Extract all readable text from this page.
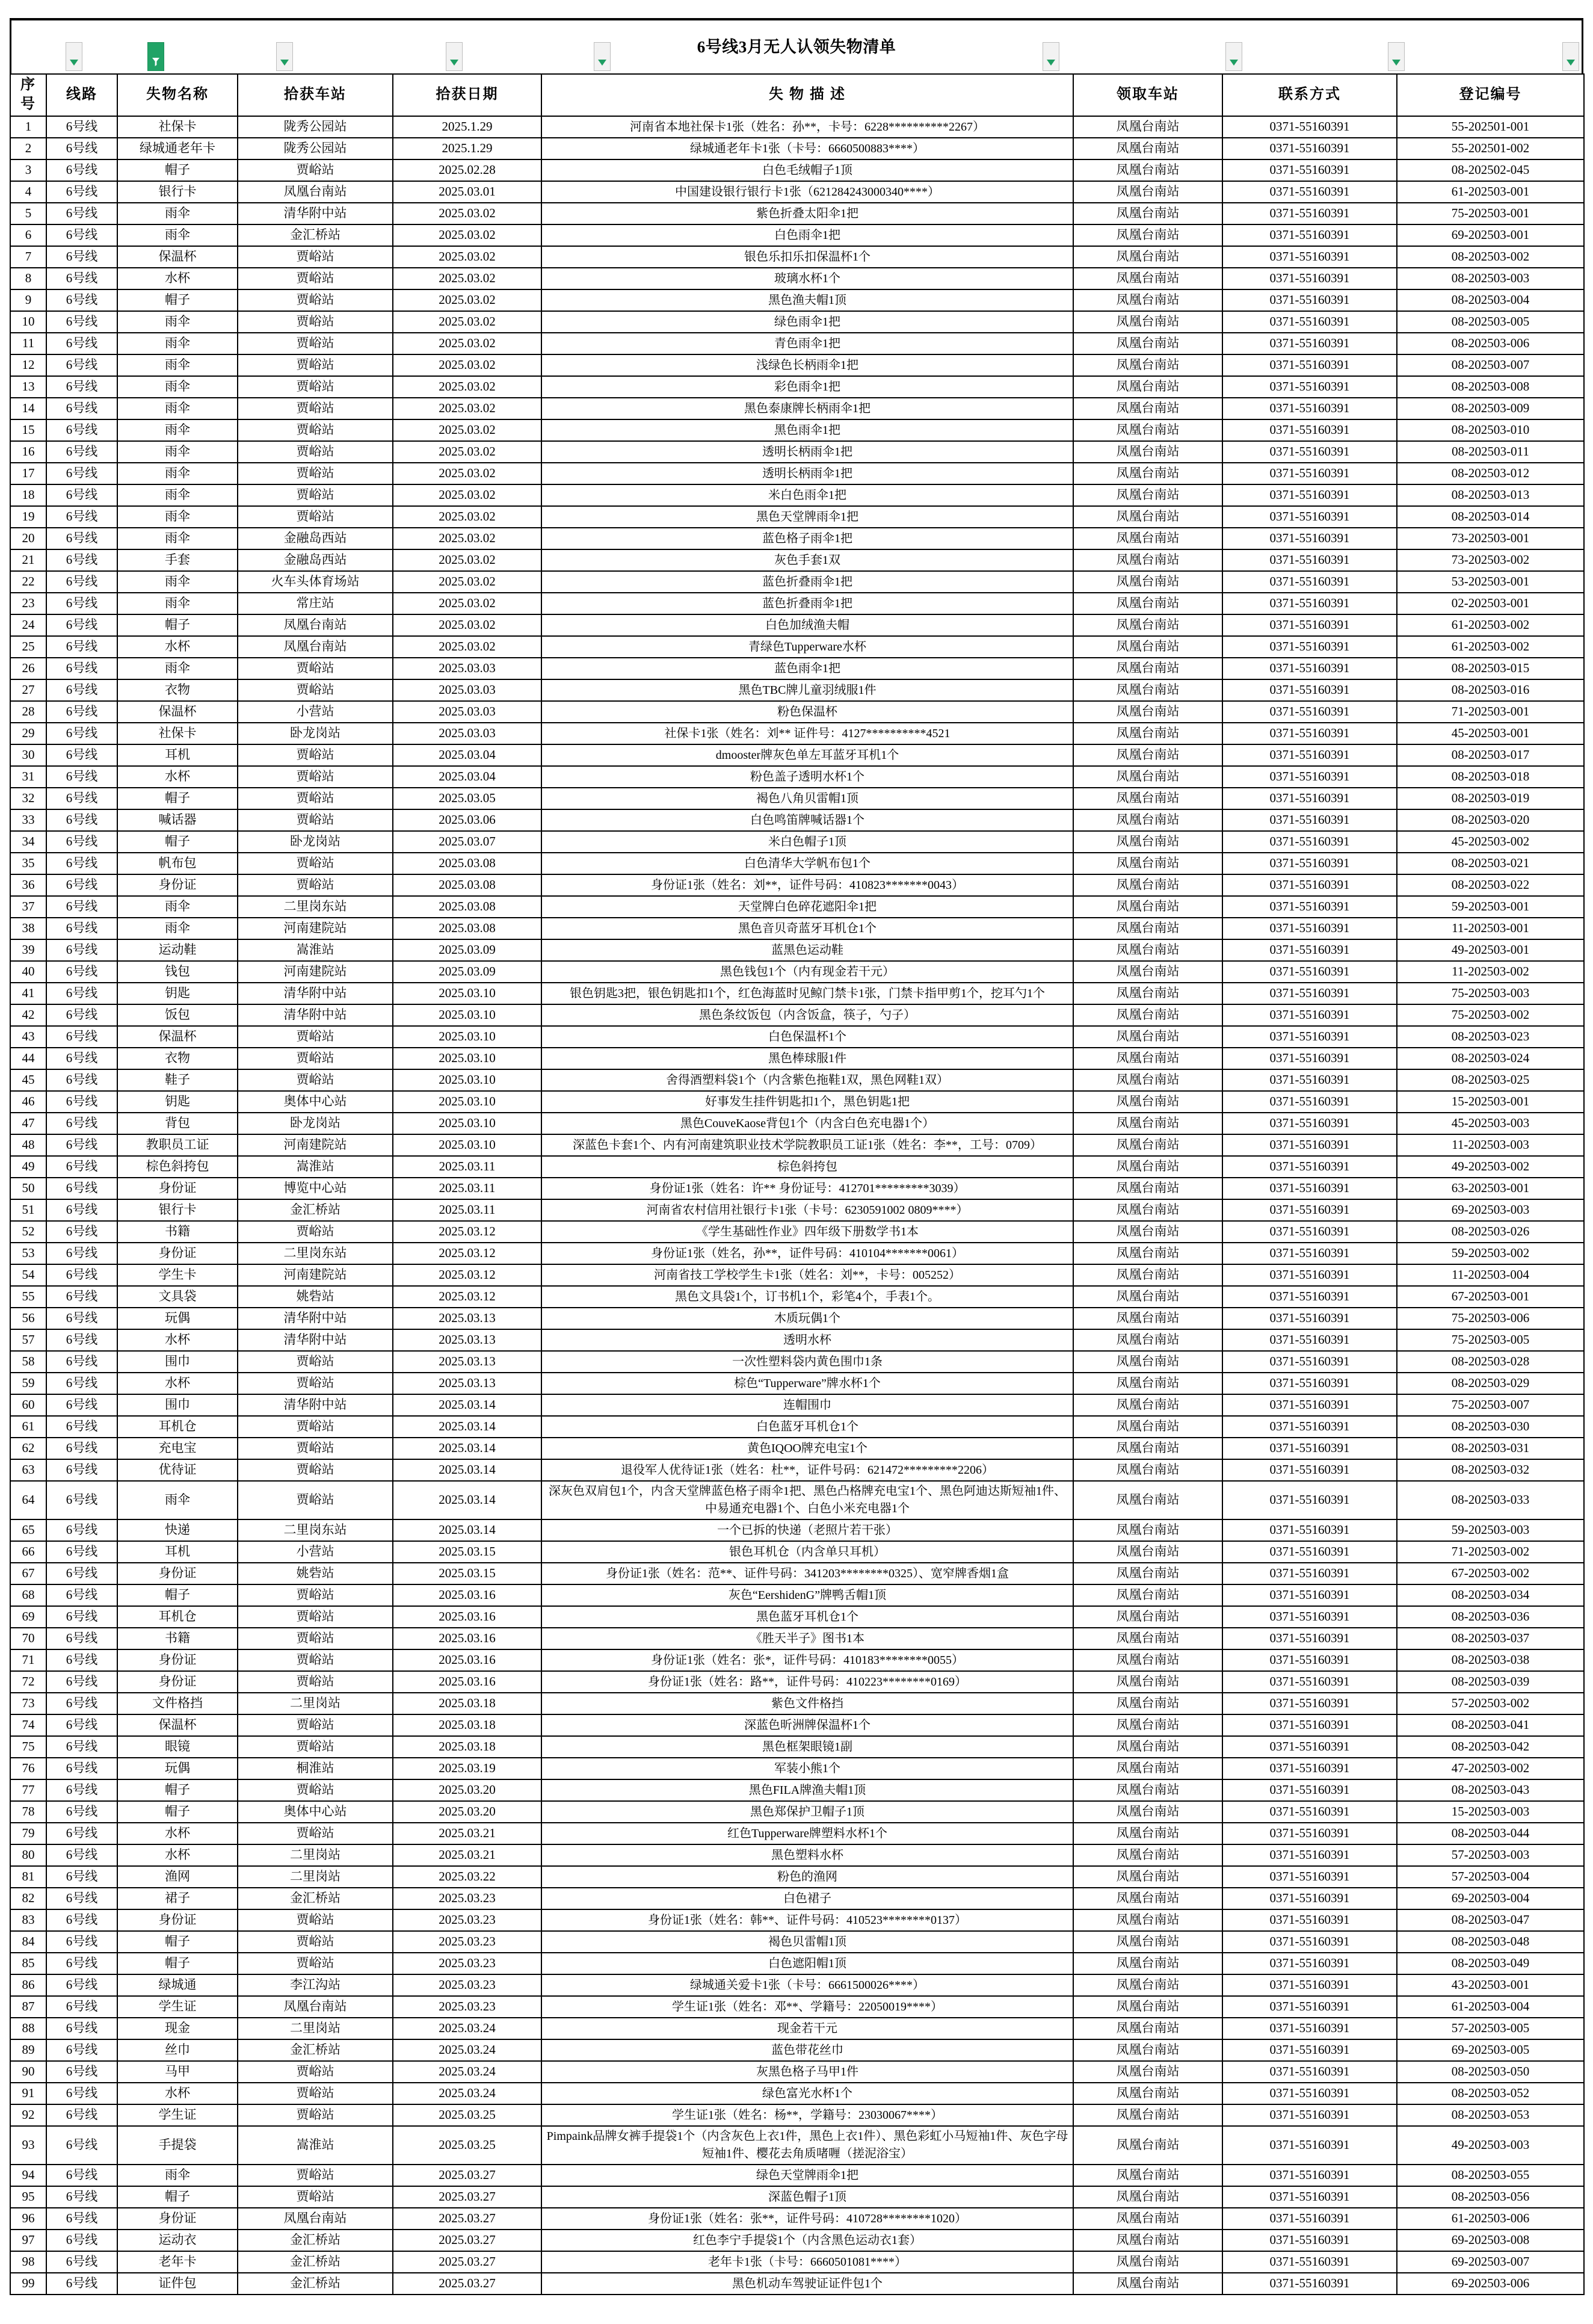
6号线3月无人认领失物清单
序号	线路	失物名称	拾获车站	拾获日期	失 物 描 述	领取车站	联系方式	登记编号
1	6号线	社保卡	陇秀公园站	2025.1.29	河南省本地社保卡1张（姓名：孙**，卡号：6228**********2267）	凤凰台南站	0371-55160391	55-202501-001
2	6号线	绿城通老年卡	陇秀公园站	2025.1.29	绿城通老年卡1张（卡号：6660500883****）	凤凰台南站	0371-55160391	55-202501-002
3	6号线	帽子	贾峪站	2025.02.28	白色毛绒帽子1顶	凤凰台南站	0371-55160391	08-202502-045
4	6号线	银行卡	凤凰台南站	2025.03.01	中国建设银行银行卡1张（621284243000340****）	凤凰台南站	0371-55160391	61-202503-001
5	6号线	雨伞	清华附中站	2025.03.02	紫色折叠太阳伞1把	凤凰台南站	0371-55160391	75-202503-001
6	6号线	雨伞	金汇桥站	2025.03.02	白色雨伞1把	凤凰台南站	0371-55160391	69-202503-001
7	6号线	保温杯	贾峪站	2025.03.02	银色乐扣乐扣保温杯1个	凤凰台南站	0371-55160391	08-202503-002
8	6号线	水杯	贾峪站	2025.03.02	玻璃水杯1个	凤凰台南站	0371-55160391	08-202503-003
9	6号线	帽子	贾峪站	2025.03.02	黑色渔夫帽1顶	凤凰台南站	0371-55160391	08-202503-004
10	6号线	雨伞	贾峪站	2025.03.02	绿色雨伞1把	凤凰台南站	0371-55160391	08-202503-005
11	6号线	雨伞	贾峪站	2025.03.02	青色雨伞1把	凤凰台南站	0371-55160391	08-202503-006
12	6号线	雨伞	贾峪站	2025.03.02	浅绿色长柄雨伞1把	凤凰台南站	0371-55160391	08-202503-007
13	6号线	雨伞	贾峪站	2025.03.02	彩色雨伞1把	凤凰台南站	0371-55160391	08-202503-008
14	6号线	雨伞	贾峪站	2025.03.02	黑色泰康牌长柄雨伞1把	凤凰台南站	0371-55160391	08-202503-009
15	6号线	雨伞	贾峪站	2025.03.02	黑色雨伞1把	凤凰台南站	0371-55160391	08-202503-010
16	6号线	雨伞	贾峪站	2025.03.02	透明长柄雨伞1把	凤凰台南站	0371-55160391	08-202503-011
17	6号线	雨伞	贾峪站	2025.03.02	透明长柄雨伞1把	凤凰台南站	0371-55160391	08-202503-012
18	6号线	雨伞	贾峪站	2025.03.02	米白色雨伞1把	凤凰台南站	0371-55160391	08-202503-013
19	6号线	雨伞	贾峪站	2025.03.02	黑色天堂牌雨伞1把	凤凰台南站	0371-55160391	08-202503-014
20	6号线	雨伞	金融岛西站	2025.03.02	蓝色格子雨伞1把	凤凰台南站	0371-55160391	73-202503-001
21	6号线	手套	金融岛西站	2025.03.02	灰色手套1双	凤凰台南站	0371-55160391	73-202503-002
22	6号线	雨伞	火车头体育场站	2025.03.02	蓝色折叠雨伞1把	凤凰台南站	0371-55160391	53-202503-001
23	6号线	雨伞	常庄站	2025.03.02	蓝色折叠雨伞1把	凤凰台南站	0371-55160391	02-202503-001
24	6号线	帽子	凤凰台南站	2025.03.02	白色加绒渔夫帽	凤凰台南站	0371-55160391	61-202503-002
25	6号线	水杯	凤凰台南站	2025.03.02	青绿色Tupperware水杯	凤凰台南站	0371-55160391	61-202503-002
26	6号线	雨伞	贾峪站	2025.03.03	蓝色雨伞1把	凤凰台南站	0371-55160391	08-202503-015
27	6号线	衣物	贾峪站	2025.03.03	黑色TBC牌儿童羽绒服1件	凤凰台南站	0371-55160391	08-202503-016
28	6号线	保温杯	小营站	2025.03.03	粉色保温杯	凤凰台南站	0371-55160391	71-202503-001
29	6号线	社保卡	卧龙岗站	2025.03.03	社保卡1张（姓名：刘** 证件号：4127**********4521	凤凰台南站	0371-55160391	45-202503-001
30	6号线	耳机	贾峪站	2025.03.04	dmooster牌灰色单左耳蓝牙耳机1个	凤凰台南站	0371-55160391	08-202503-017
31	6号线	水杯	贾峪站	2025.03.04	粉色盖子透明水杯1个	凤凰台南站	0371-55160391	08-202503-018
32	6号线	帽子	贾峪站	2025.03.05	褐色八角贝雷帽1顶	凤凰台南站	0371-55160391	08-202503-019
33	6号线	喊话器	贾峪站	2025.03.06	白色鸣笛牌喊话器1个	凤凰台南站	0371-55160391	08-202503-020
34	6号线	帽子	卧龙岗站	2025.03.07	米白色帽子1顶	凤凰台南站	0371-55160391	45-202503-002
35	6号线	帆布包	贾峪站	2025.03.08	白色清华大学帆布包1个	凤凰台南站	0371-55160391	08-202503-021
36	6号线	身份证	贾峪站	2025.03.08	身份证1张（姓名：刘**，证件号码：410823*******0043）	凤凰台南站	0371-55160391	08-202503-022
37	6号线	雨伞	二里岗东站	2025.03.08	天堂牌白色碎花遮阳伞1把	凤凰台南站	0371-55160391	59-202503-001
38	6号线	雨伞	河南建院站	2025.03.08	黑色音贝奇蓝牙耳机仓1个	凤凰台南站	0371-55160391	11-202503-001
39	6号线	运动鞋	嵩淮站	2025.03.09	蓝黑色运动鞋	凤凰台南站	0371-55160391	49-202503-001
40	6号线	钱包	河南建院站	2025.03.09	黑色钱包1个（内有现金若干元）	凤凰台南站	0371-55160391	11-202503-002
41	6号线	钥匙	清华附中站	2025.03.10	银色钥匙3把，银色钥匙扣1个，红色海蓝时见鲸门禁卡1张，门禁卡指甲剪1个，挖耳勺1个	凤凰台南站	0371-55160391	75-202503-003
42	6号线	饭包	清华附中站	2025.03.10	黑色条纹饭包（内含饭盒，筷子，勺子）	凤凰台南站	0371-55160391	75-202503-002
43	6号线	保温杯	贾峪站	2025.03.10	白色保温杯1个	凤凰台南站	0371-55160391	08-202503-023
44	6号线	衣物	贾峪站	2025.03.10	黑色棒球服1件	凤凰台南站	0371-55160391	08-202503-024
45	6号线	鞋子	贾峪站	2025.03.10	舍得酒塑料袋1个（内含紫色拖鞋1双，黑色网鞋1双）	凤凰台南站	0371-55160391	08-202503-025
46	6号线	钥匙	奥体中心站	2025.03.10	好事发生挂件钥匙扣1个，黑色钥匙1把	凤凰台南站	0371-55160391	15-202503-001
47	6号线	背包	卧龙岗站	2025.03.10	黑色CouveKaose背包1个（内含白色充电器1个）	凤凰台南站	0371-55160391	45-202503-003
48	6号线	教职员工证	河南建院站	2025.03.10	深蓝色卡套1个、内有河南建筑职业技术学院教职员工证1张（姓名：李**，工号：0709）	凤凰台南站	0371-55160391	11-202503-003
49	6号线	棕色斜挎包	嵩淮站	2025.03.11	棕色斜挎包	凤凰台南站	0371-55160391	49-202503-002
50	6号线	身份证	博览中心站	2025.03.11	身份证1张（姓名：许** 身份证号：412701*********3039）	凤凰台南站	0371-55160391	63-202503-001
51	6号线	银行卡	金汇桥站	2025.03.11	河南省农村信用社银行卡1张（卡号：6230591002 0809****）	凤凰台南站	0371-55160391	69-202503-003
52	6号线	书籍	贾峪站	2025.03.12	《学生基础性作业》四年级下册数学书1本	凤凰台南站	0371-55160391	08-202503-026
53	6号线	身份证	二里岗东站	2025.03.12	身份证1张（姓名，孙**，证件号码：410104*******0061）	凤凰台南站	0371-55160391	59-202503-002
54	6号线	学生卡	河南建院站	2025.03.12	河南省技工学校学生卡1张（姓名：刘**，卡号：005252）	凤凰台南站	0371-55160391	11-202503-004
55	6号线	文具袋	姚砦站	2025.03.12	黑色文具袋1个，订书机1个，彩笔4个，手表1个。	凤凰台南站	0371-55160391	67-202503-001
56	6号线	玩偶	清华附中站	2025.03.13	木质玩偶1个	凤凰台南站	0371-55160391	75-202503-006
57	6号线	水杯	清华附中站	2025.03.13	透明水杯	凤凰台南站	0371-55160391	75-202503-005
58	6号线	围巾	贾峪站	2025.03.13	一次性塑料袋内黄色围巾1条	凤凰台南站	0371-55160391	08-202503-028
59	6号线	水杯	贾峪站	2025.03.13	棕色“Tupperware”牌水杯1个	凤凰台南站	0371-55160391	08-202503-029
60	6号线	围巾	清华附中站	2025.03.14	连帽围巾	凤凰台南站	0371-55160391	75-202503-007
61	6号线	耳机仓	贾峪站	2025.03.14	白色蓝牙耳机仓1个	凤凰台南站	0371-55160391	08-202503-030
62	6号线	充电宝	贾峪站	2025.03.14	黄色IQOO牌充电宝1个	凤凰台南站	0371-55160391	08-202503-031
63	6号线	优待证	贾峪站	2025.03.14	退役军人优待证1张（姓名：杜**，证件号码：621472*********2206）	凤凰台南站	0371-55160391	08-202503-032
64	6号线	雨伞	贾峪站	2025.03.14	深灰色双肩包1个，内含天堂牌蓝色格子雨伞1把、黑色凸格牌充电宝1个、黑色阿迪达斯短袖1件、中易通充电器1个、白色小米充电器1个	凤凰台南站	0371-55160391	08-202503-033
65	6号线	快递	二里岗东站	2025.03.14	一个已拆的快递（老照片若干张）	凤凰台南站	0371-55160391	59-202503-003
66	6号线	耳机	小营站	2025.03.15	银色耳机仓（内含单只耳机）	凤凰台南站	0371-55160391	71-202503-002
67	6号线	身份证	姚砦站	2025.03.15	身份证1张（姓名：范**、证件号码：341203********0325）、宽窄牌香烟1盒	凤凰台南站	0371-55160391	67-202503-002
68	6号线	帽子	贾峪站	2025.03.16	灰色“EershidenG”牌鸭舌帽1顶	凤凰台南站	0371-55160391	08-202503-034
69	6号线	耳机仓	贾峪站	2025.03.16	黑色蓝牙耳机仓1个	凤凰台南站	0371-55160391	08-202503-036
70	6号线	书籍	贾峪站	2025.03.16	《胜天半子》图书1本	凤凰台南站	0371-55160391	08-202503-037
71	6号线	身份证	贾峪站	2025.03.16	身份证1张（姓名：张*，证件号码：410183********0055）	凤凰台南站	0371-55160391	08-202503-038
72	6号线	身份证	贾峪站	2025.03.16	身份证1张（姓名：路**，证件号码：410223********0169）	凤凰台南站	0371-55160391	08-202503-039
73	6号线	文件格挡	二里岗站	2025.03.18	紫色文件格挡	凤凰台南站	0371-55160391	57-202503-002
74	6号线	保温杯	贾峪站	2025.03.18	深蓝色昕洲牌保温杯1个	凤凰台南站	0371-55160391	08-202503-041
75	6号线	眼镜	贾峪站	2025.03.18	黑色框架眼镜1副	凤凰台南站	0371-55160391	08-202503-042
76	6号线	玩偶	桐淮站	2025.03.19	军装小熊1个	凤凰台南站	0371-55160391	47-202503-002
77	6号线	帽子	贾峪站	2025.03.20	黑色FILA牌渔夫帽1顶	凤凰台南站	0371-55160391	08-202503-043
78	6号线	帽子	奥体中心站	2025.03.20	黑色郑保护卫帽子1顶	凤凰台南站	0371-55160391	15-202503-003
79	6号线	水杯	贾峪站	2025.03.21	红色Tupperware牌塑料水杯1个	凤凰台南站	0371-55160391	08-202503-044
80	6号线	水杯	二里岗站	2025.03.21	黑色塑料水杯	凤凰台南站	0371-55160391	57-202503-003
81	6号线	渔网	二里岗站	2025.03.22	粉色的渔网	凤凰台南站	0371-55160391	57-202503-004
82	6号线	裙子	金汇桥站	2025.03.23	白色裙子	凤凰台南站	0371-55160391	69-202503-004
83	6号线	身份证	贾峪站	2025.03.23	身份证1张（姓名：韩**、证件号码：410523********0137）	凤凰台南站	0371-55160391	08-202503-047
84	6号线	帽子	贾峪站	2025.03.23	褐色贝雷帽1顶	凤凰台南站	0371-55160391	08-202503-048
85	6号线	帽子	贾峪站	2025.03.23	白色遮阳帽1顶	凤凰台南站	0371-55160391	08-202503-049
86	6号线	绿城通	李江沟站	2025.03.23	绿城通关爱卡1张（卡号：6661500026****）	凤凰台南站	0371-55160391	43-202503-001
87	6号线	学生证	凤凰台南站	2025.03.23	学生证1张（姓名：邓**、学籍号：22050019****）	凤凰台南站	0371-55160391	61-202503-004
88	6号线	现金	二里岗站	2025.03.24	现金若干元	凤凰台南站	0371-55160391	57-202503-005
89	6号线	丝巾	金汇桥站	2025.03.24	蓝色带花丝巾	凤凰台南站	0371-55160391	69-202503-005
90	6号线	马甲	贾峪站	2025.03.24	灰黑色格子马甲1件	凤凰台南站	0371-55160391	08-202503-050
91	6号线	水杯	贾峪站	2025.03.24	绿色富光水杯1个	凤凰台南站	0371-55160391	08-202503-052
92	6号线	学生证	贾峪站	2025.03.25	学生证1张（姓名：杨**，学籍号：23030067****）	凤凰台南站	0371-55160391	08-202503-053
93	6号线	手提袋	嵩淮站	2025.03.25	Pimpaink品牌女裤手提袋1个（内含灰色上衣1件，黑色上衣1件）、黑色彩虹小马短袖1件、灰色字母短袖1件、樱花去角质啫喱（搓泥浴宝）	凤凰台南站	0371-55160391	49-202503-003
94	6号线	雨伞	贾峪站	2025.03.27	绿色天堂牌雨伞1把	凤凰台南站	0371-55160391	08-202503-055
95	6号线	帽子	贾峪站	2025.03.27	深蓝色帽子1顶	凤凰台南站	0371-55160391	08-202503-056
96	6号线	身份证	凤凰台南站	2025.03.27	身份证1张（姓名：张**，证件号码：410728********1020）	凤凰台南站	0371-55160391	61-202503-006
97	6号线	运动衣	金汇桥站	2025.03.27	红色李宁手提袋1个（内含黑色运动衣1套）	凤凰台南站	0371-55160391	69-202503-008
98	6号线	老年卡	金汇桥站	2025.03.27	老年卡1张（卡号：6660501081****）	凤凰台南站	0371-55160391	69-202503-007
99	6号线	证件包	金汇桥站	2025.03.27	黑色机动车驾驶证证件包1个	凤凰台南站	0371-55160391	69-202503-006
